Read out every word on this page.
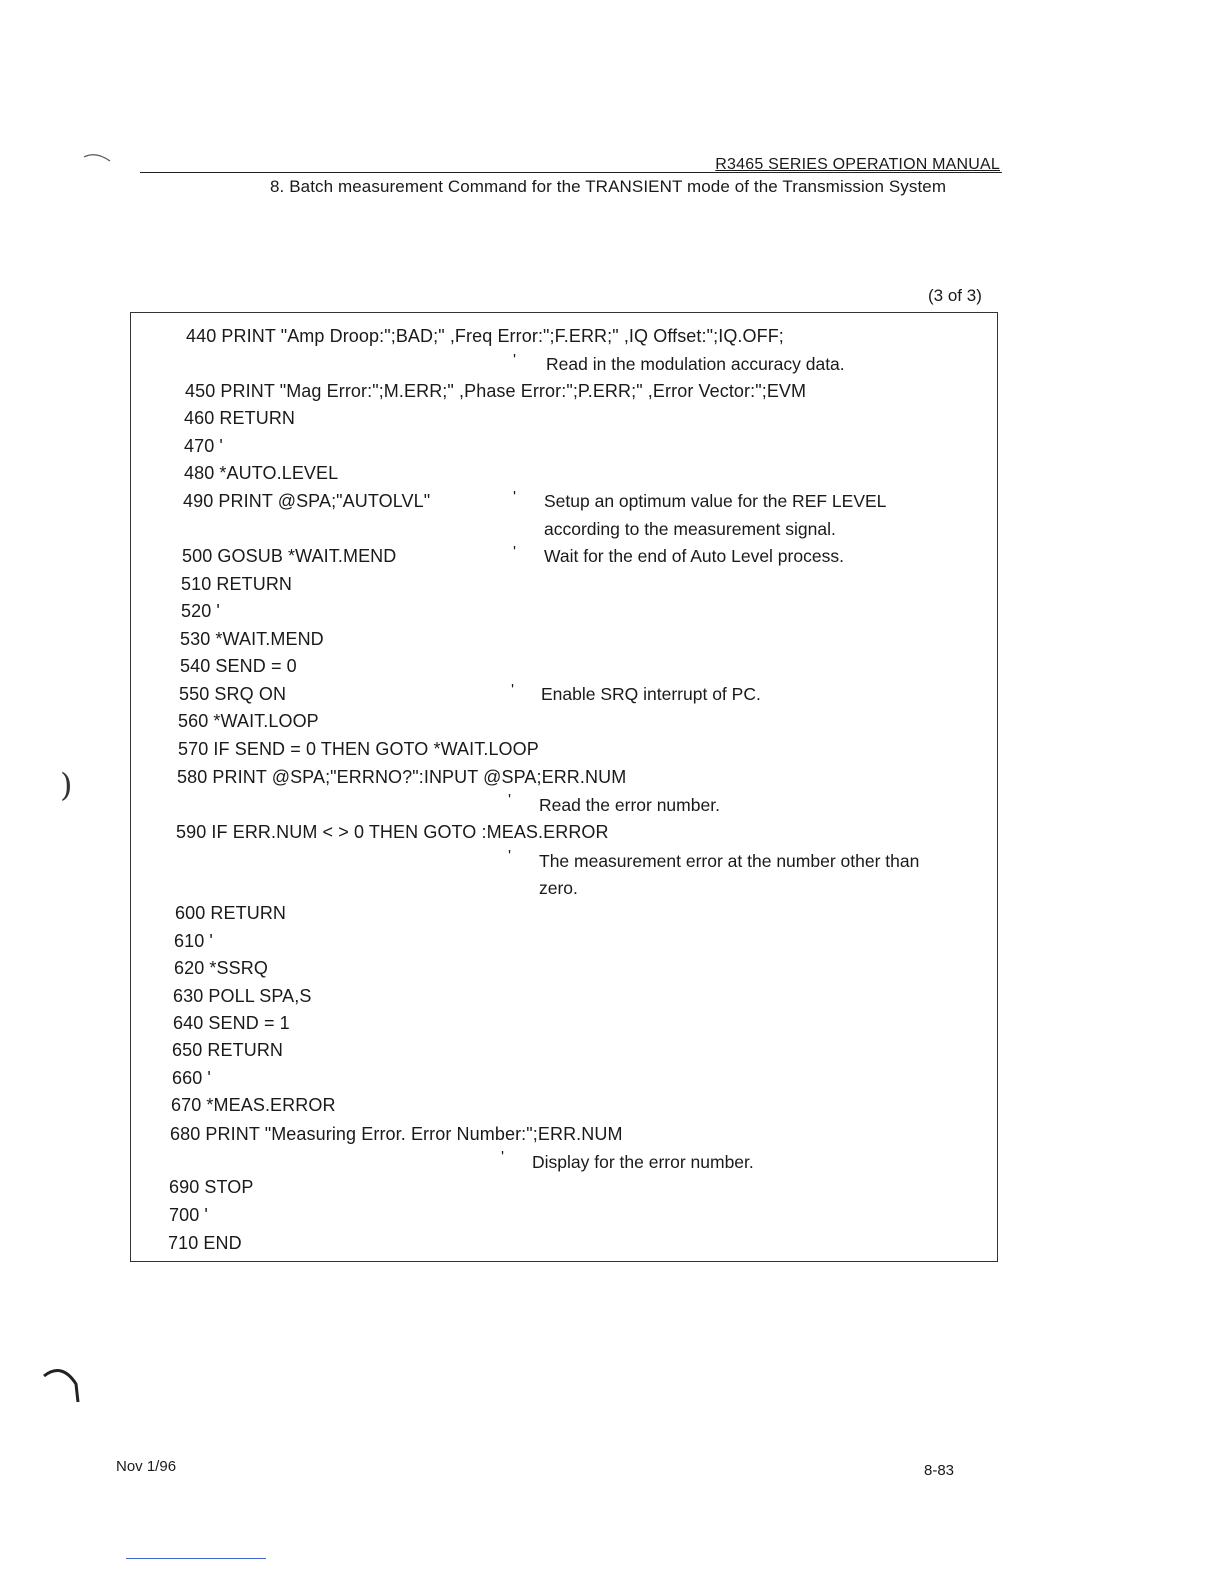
R3465 SERIES OPERATION MANUAL
8. Batch measurement Command for the TRANSIENT mode of the Transmission System
(3 of 3)
440 PRINT "Amp Droop:";BAD;" ,Freq Error:";F.ERR;" ,IQ Offset:";IQ.OFF;
' Read in the modulation accuracy data.
450 PRINT "Mag Error:";M.ERR;" ,Phase Error:";P.ERR;" ,Error Vector:";EVM
460 RETURN
470 '
480 *AUTO.LEVEL
490 PRINT @SPA;"AUTOLVL"	' Setup an optimum value for the REF LEVEL
according to the measurement signal.
500 GOSUB *WAIT.MEND	' Wait for the end of Auto Level process.
510 RETURN
520 '
530 *WAIT.MEND
540 SEND = 0
550 SRQ ON	' Enable SRQ interrupt of PC.
560 *WAIT.LOOP
570 IF SEND = 0 THEN GOTO *WAIT.LOOP
580 PRINT @SPA;"ERRNO?":INPUT @SPA;ERR.NUM
' Read the error number.
590 IF ERR.NUM < > 0 THEN GOTO :MEAS.ERROR
' The measurement error at the number other than
zero.
600 RETURN
610 '
620 *SSRQ
630 POLL SPA,S
640 SEND = 1
650 RETURN
660 '
670 *MEAS.ERROR
680 PRINT "Measuring Error. Error Number:";ERR.NUM
' Display for the error number.
690 STOP
700 '
710 END
)
Nov 1/96	8-83
